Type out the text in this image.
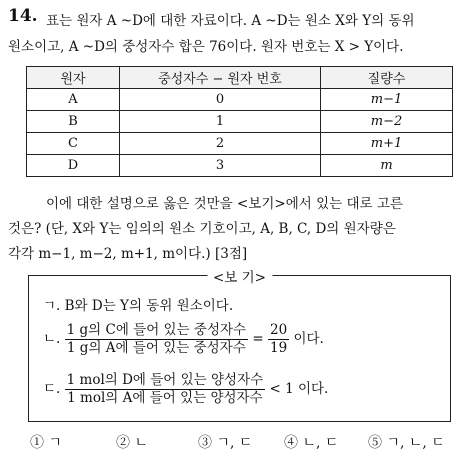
14. 표는 원자 A ~D에 대한 자료이다. A ~D는 원소 X와 Y의 동위
원소이고, A ~D의 중성자수 합은 76이다. 원자 번호는 X > Y이다.
원자	중성자수 − 원자 번호	질량수
A	0	m−1
B	1	m−2
C	2	m+1
D	3	m
이에 대한 설명으로 옳은 것만을 <보기>에서 있는 대로 고른
것은? (단, X와 Y는 임의의 원소 기호이고, A, B, C, D의 원자량은
각각 m−1, m−2, m+1, m이다.) [3점]
<보 기>
ㄱ. B와 D는 Y의 동위 원소이다.
ㄴ. $\frac{\text{1 g의 C에 들어 있는 중성자수}}{\text{1 g의 A에 들어 있는 중성자수}} = \frac{20}{19}$ 이다.
ㄷ. $\frac{\text{1 mol의 D에 들어 있는 양성자수}}{\text{1 mol의 A에 들어 있는 양성자수}} < 1$ 이다.
① ㄱ	② ㄴ	③ ㄱ, ㄷ ④ ㄴ, ㄷ ⑤ ㄱ, ㄴ, ㄷ
